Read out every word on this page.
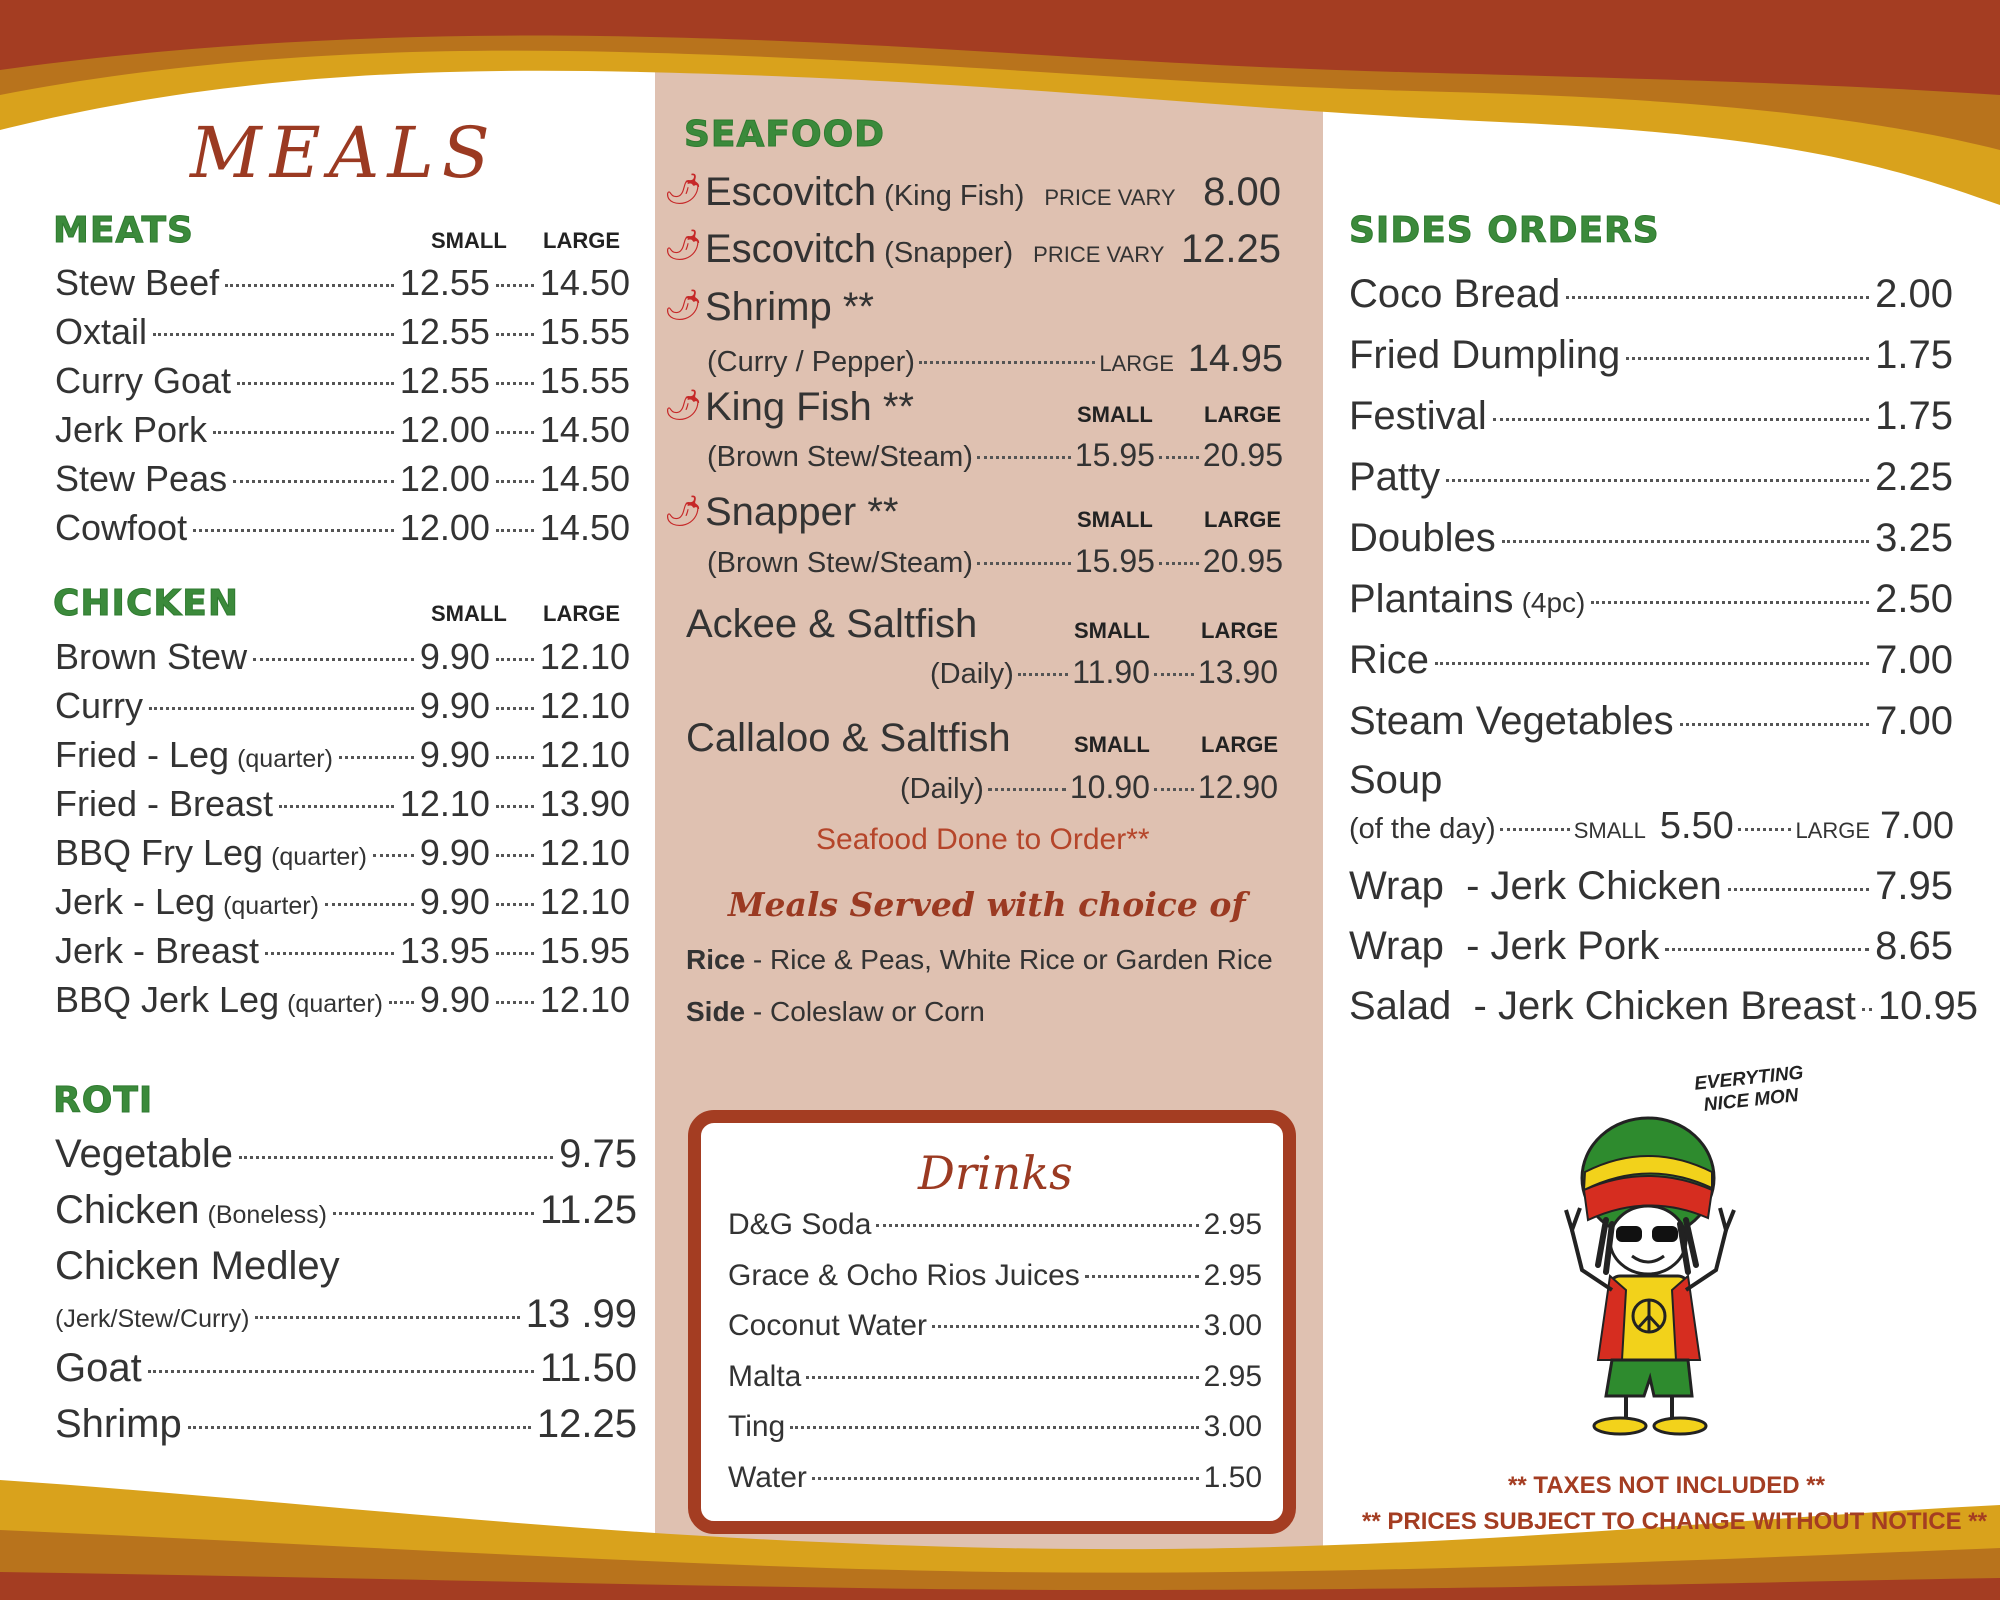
MEALS
MEATS	SMALL LARGE
Stew Beef	12.55 14.50
Oxtail	12.55 15.55
Curry Goat	12.55 15.55
Jerk Pork	12.00 14.50
Stew Peas	12.00 14.50
Cowfoot	12.00 14.50
CHICKEN	SMALL LARGE
Brown Stew	9.90 12.10
Curry	9.90 12.10
Fried - Leg (quarter) 9.90 12.10
Fried - Breast	12.10 13.90
BBQ Fry Leg (quarter) 9.90 12.10
Jerk - Leg (quarter)	9.90 12.10
Jerk - Breast	13.95 15.95
BBQ Jerk Leg (quarter) 9.90 12.10
ROTI
Vegetable	9.75
Chicken (Boneless)	11.25
Chicken Medley
(Jerk/Stew/Curry)	13 .99
Goat	11.50
Shrimp	12.25
SEAFOOD
🌶 Escovitch (King Fish) PRICE VARY 8.00
🌶 Escovitch (Snapper) PRICE VARY 12.25
🌶 Shrimp **
(Curry / Pepper)	LARGE 14.95
🌶 King Fish **	SMALL LARGE
(Brown Stew/Steam)	15.95 20.95
🌶 Snapper **	SMALL LARGE
(Brown Stew/Steam)	15.95 20.95
Ackee & Saltfish	SMALL LARGE
(Daily) 11.90 13.90
Callaloo & Saltfish	SMALL LARGE
(Daily)	10.90 12.90
Seafood Done to Order**
Meals Served with choice of
Rice - Rice & Peas, White Rice or Garden Rice
Side - Coleslaw or Corn
Drinks
D&G Soda	2.95
Grace & Ocho Rios Juices	2.95
Coconut Water	3.00
Malta	2.95
Ting	3.00
Water	1.50
SIDES ORDERS
Coco Bread	2.00
Fried Dumpling	1.75
Festival	1.75
Patty	2.25
Doubles	3.25
Plantains (4pc)	2.50
Rice	7.00
Steam Vegetables	7.00
Soup
(of the day)	SMALL 5.50	LARGE 7.00
Wrap  - Jerk Chicken	7.95
Wrap  - Jerk Pork	8.65
Salad  - Jerk Chicken Breast 10.95
EVERYTING NICE MON
** TAXES NOT INCLUDED **
** PRICES SUBJECT TO CHANGE WITHOUT NOTICE **
